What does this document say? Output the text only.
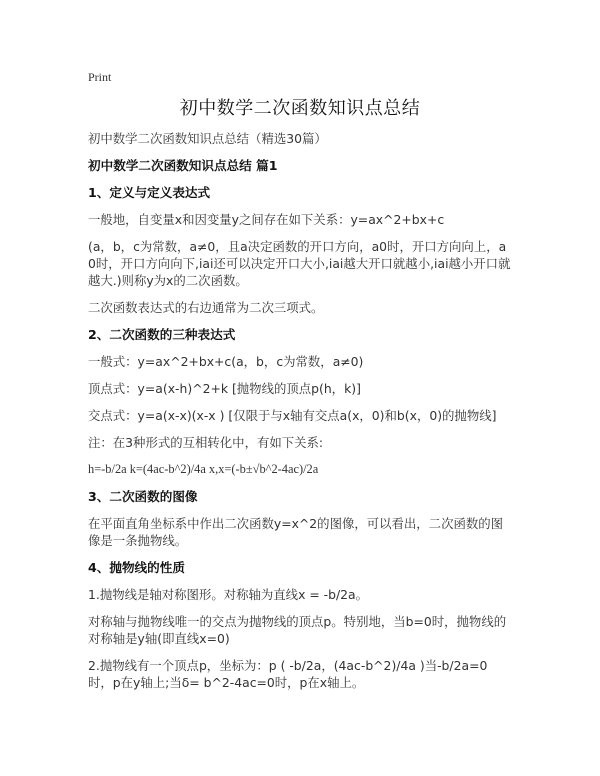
Print
初中数学二次函数知识点总结

初中数学二次函数知识点总结（精选30篇）

初中数学二次函数知识点总结 篇1

1、定义与定义表达式

一般地，自变量x和因变量y之间存在如下关系：y=ax^2+bx+c

(a，b，c为常数，a≠0，且a决定函数的开口方向，a0时，开口方向向上，a0时，开口方向向下,iai还可以决定开口大小,iai越大开口就越小,iai越小开口就越大.)则称y为x的二次函数。

二次函数表达式的右边通常为二次三项式。

2、二次函数的三种表达式

一般式：y=ax^2+bx+c(a，b，c为常数，a≠0)

顶点式：y=a(x-h)^2+k [抛物线的顶点p(h，k)]

交点式：y=a(x-x)(x-x ) [仅限于与x轴有交点a(x，0)和b(x，0)的抛物线]

注：在3种形式的互相转化中，有如下关系:

h=-b/2a k=(4ac-b^2)/4a x,x=(-b±√b^2-4ac)/2a

3、二次函数的图像

在平面直角坐标系中作出二次函数y=x^2的图像，可以看出，二次函数的图像是一条抛物线。

4、抛物线的性质

1.抛物线是轴对称图形。对称轴为直线x = -b/2a。

对称轴与抛物线唯一的交点为抛物线的顶点p。特别地，当b=0时，抛物线的对称轴是y轴(即直线x=0)

2.抛物线有一个顶点p，坐标为：p ( -b/2a，(4ac-b^2)/4a )当-b/2a=0时，p在y轴上;当δ= b^2-4ac=0时，p在x轴上。
